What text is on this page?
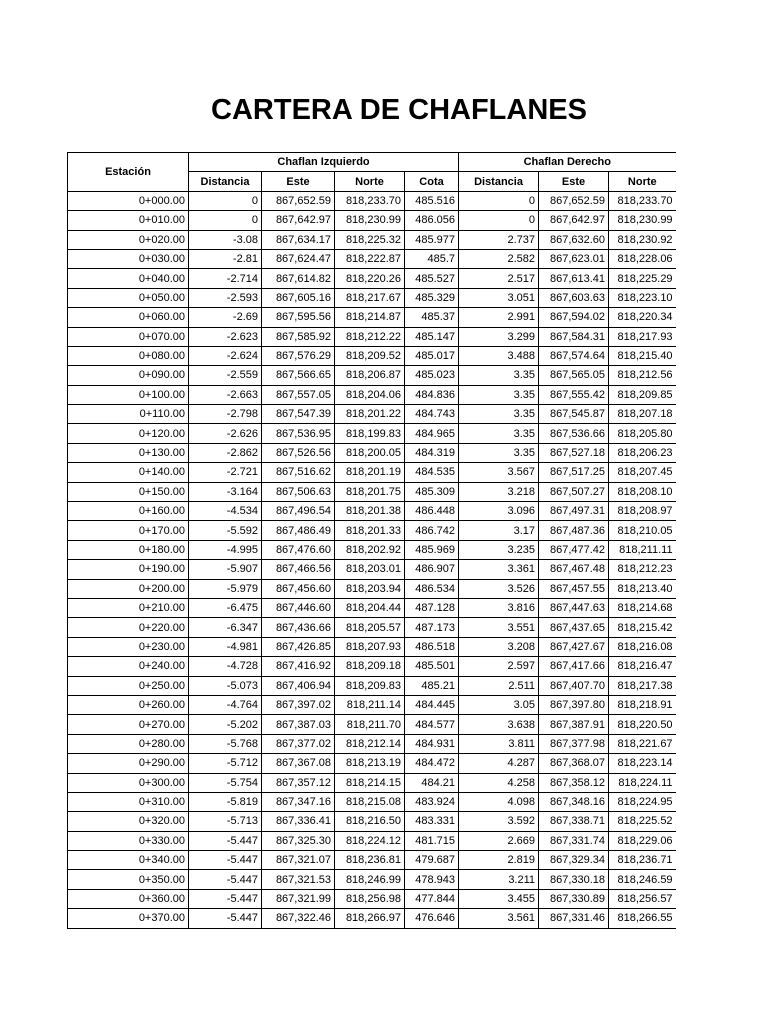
CARTERA DE CHAFLANES
Estación	Chaflan Izquierdo				Chaflan Derecho		
	Distancia	Este	Norte	Cota	Distancia	Este	Norte
0+000.00	0	867,652.59	818,233.70	485.516	0	867,652.59	818,233.70
0+010.00	0	867,642.97	818,230.99	486.056	0	867,642.97	818,230.99
0+020.00	-3.08	867,634.17	818,225.32	485.977	2.737	867,632.60	818,230.92
0+030.00	-2.81	867,624.47	818,222.87	485.7	2.582	867,623.01	818,228.06
0+040.00	-2.714	867,614.82	818,220.26	485.527	2.517	867,613.41	818,225.29
0+050.00	-2.593	867,605.16	818,217.67	485.329	3.051	867,603.63	818,223.10
0+060.00	-2.69	867,595.56	818,214.87	485.37	2.991	867,594.02	818,220.34
0+070.00	-2.623	867,585.92	818,212.22	485.147	3.299	867,584.31	818,217.93
0+080.00	-2.624	867,576.29	818,209.52	485.017	3.488	867,574.64	818,215.40
0+090.00	-2.559	867,566.65	818,206.87	485.023	3.35	867,565.05	818,212.56
0+100.00	-2.663	867,557.05	818,204.06	484.836	3.35	867,555.42	818,209.85
0+110.00	-2.798	867,547.39	818,201.22	484.743	3.35	867,545.87	818,207.18
0+120.00	-2.626	867,536.95	818,199.83	484.965	3.35	867,536.66	818,205.80
0+130.00	-2.862	867,526.56	818,200.05	484.319	3.35	867,527.18	818,206.23
0+140.00	-2.721	867,516.62	818,201.19	484.535	3.567	867,517.25	818,207.45
0+150.00	-3.164	867,506.63	818,201.75	485.309	3.218	867,507.27	818,208.10
0+160.00	-4.534	867,496.54	818,201.38	486.448	3.096	867,497.31	818,208.97
0+170.00	-5.592	867,486.49	818,201.33	486.742	3.17	867,487.36	818,210.05
0+180.00	-4.995	867,476.60	818,202.92	485.969	3.235	867,477.42	818,211.11
0+190.00	-5.907	867,466.56	818,203.01	486.907	3.361	867,467.48	818,212.23
0+200.00	-5.979	867,456.60	818,203.94	486.534	3.526	867,457.55	818,213.40
0+210.00	-6.475	867,446.60	818,204.44	487.128	3.816	867,447.63	818,214.68
0+220.00	-6.347	867,436.66	818,205.57	487.173	3.551	867,437.65	818,215.42
0+230.00	-4.981	867,426.85	818,207.93	486.518	3.208	867,427.67	818,216.08
0+240.00	-4.728	867,416.92	818,209.18	485.501	2.597	867,417.66	818,216.47
0+250.00	-5.073	867,406.94	818,209.83	485.21	2.511	867,407.70	818,217.38
0+260.00	-4.764	867,397.02	818,211.14	484.445	3.05	867,397.80	818,218.91
0+270.00	-5.202	867,387.03	818,211.70	484.577	3.638	867,387.91	818,220.50
0+280.00	-5.768	867,377.02	818,212.14	484.931	3.811	867,377.98	818,221.67
0+290.00	-5.712	867,367.08	818,213.19	484.472	4.287	867,368.07	818,223.14
0+300.00	-5.754	867,357.12	818,214.15	484.21	4.258	867,358.12	818,224.11
0+310.00	-5.819	867,347.16	818,215.08	483.924	4.098	867,348.16	818,224.95
0+320.00	-5.713	867,336.41	818,216.50	483.331	3.592	867,338.71	818,225.52
0+330.00	-5.447	867,325.30	818,224.12	481.715	2.669	867,331.74	818,229.06
0+340.00	-5.447	867,321.07	818,236.81	479.687	2.819	867,329.34	818,236.71
0+350.00	-5.447	867,321.53	818,246.99	478.943	3.211	867,330.18	818,246.59
0+360.00	-5.447	867,321.99	818,256.98	477.844	3.455	867,330.89	818,256.57
0+370.00	-5.447	867,322.46	818,266.97	476.646	3.561	867,331.46	818,266.55
